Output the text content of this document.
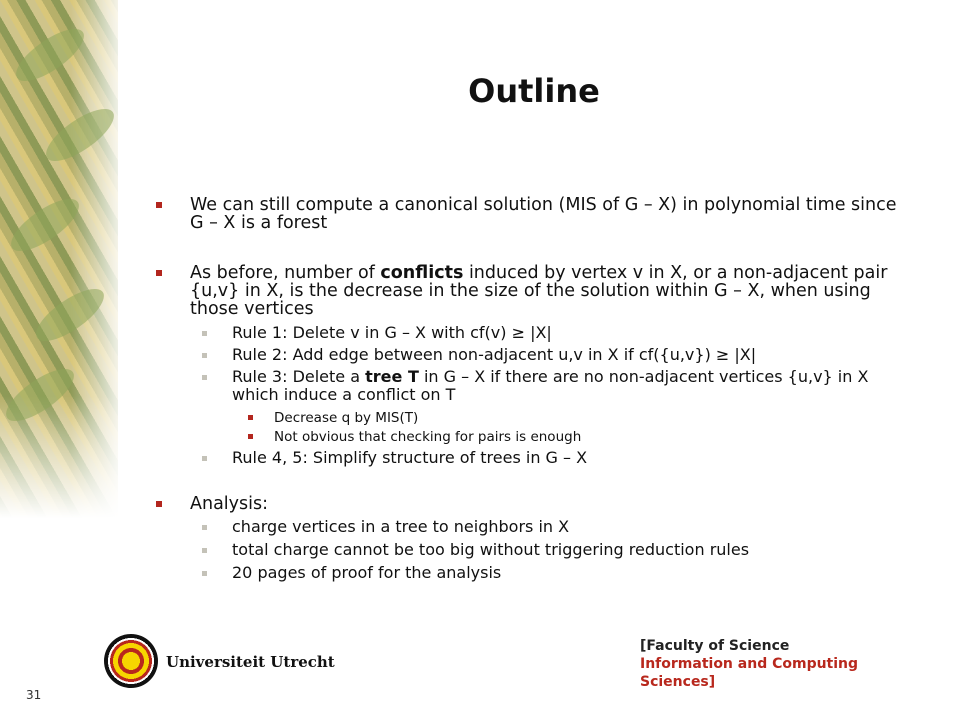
Outline
We can still compute a canonical solution (MIS of G – X) in polynomial time since G – X is a forest
As before, number of conflicts induced by vertex v in X, or a non-adjacent pair {u,v} in X, is the decrease in the size of the solution within G – X, when using those vertices
Rule 1: Delete v in G – X with cf(v) ≥ |X|
Rule 2: Add edge between non-adjacent u,v in X if cf({u,v}) ≥ |X|
Rule 3: Delete a tree T in G – X if there are no non-adjacent vertices {u,v} in X which induce a conflict on T
Decrease q by MIS(T)
Not obvious that checking for pairs is enough
Rule 4, 5: Simplify structure of trees in G – X
Analysis:
charge vertices in a tree to neighbors in X
total charge cannot be too big without triggering reduction rules
20 pages of proof for the analysis
Universiteit Utrecht
[Faculty of Science
Information and Computing Sciences]
31
